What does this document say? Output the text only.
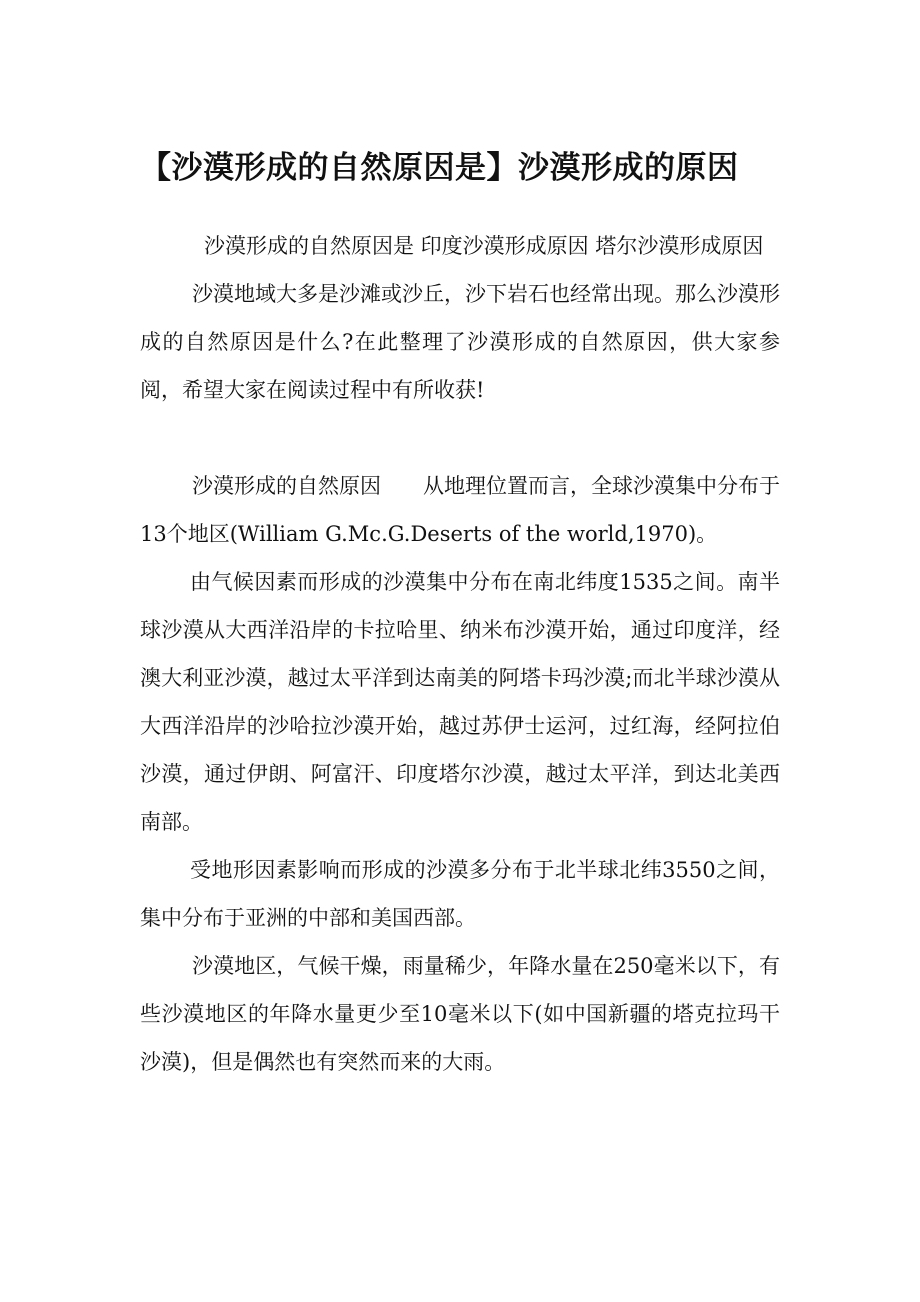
【沙漠形成的自然原因是】沙漠形成的原因

沙漠形成的自然原因是 印度沙漠形成原因 塔尔沙漠形成原因

沙漠地域大多是沙滩或沙丘，沙下岩石也经常出现。那么沙漠形成的自然原因是什么?在此整理了沙漠形成的自然原因，供大家参阅，希望大家在阅读过程中有所收获!

沙漠形成的自然原因　　从地理位置而言，全球沙漠集中分布于13个地区(William G.Mc.G.Deserts of the world,1970)。

由气候因素而形成的沙漠集中分布在南北纬度1535之间。南半球沙漠从大西洋沿岸的卡拉哈里、纳米布沙漠开始，通过印度洋，经澳大利亚沙漠，越过太平洋到达南美的阿塔卡玛沙漠;而北半球沙漠从大西洋沿岸的沙哈拉沙漠开始，越过苏伊士运河，过红海，经阿拉伯沙漠，通过伊朗、阿富汗、印度塔尔沙漠，越过太平洋，到达北美西南部。

受地形因素影响而形成的沙漠多分布于北半球北纬3550之间，集中分布于亚洲的中部和美国西部。

沙漠地区，气候干燥，雨量稀少，年降水量在250毫米以下，有些沙漠地区的年降水量更少至10毫米以下(如中国新疆的塔克拉玛干沙漠)，但是偶然也有突然而来的大雨。
